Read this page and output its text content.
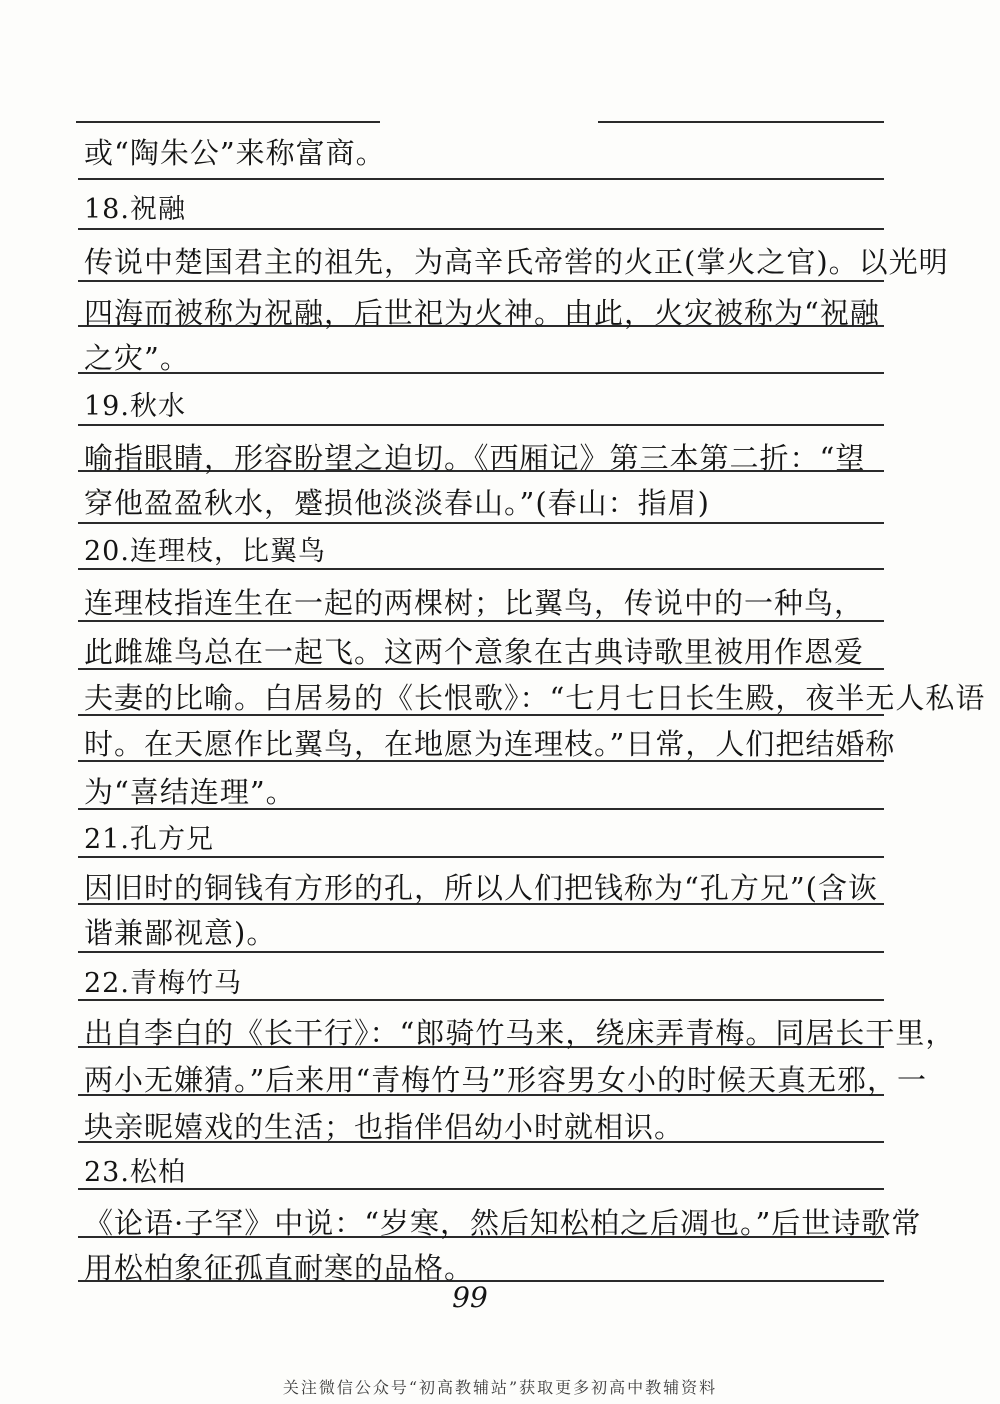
或“陶朱公”来称富商。
18.祝融
传说中楚国君主的祖先，为高辛氏帝喾的火正(掌火之官)。以光明
四海而被称为祝融，后世祀为火神。由此，火灾被称为“祝融
之灾”。
19.秋水
喻指眼睛，形容盼望之迫切。《西厢记》第三本第二折：“望
穿他盈盈秋水，蹙损他淡淡春山。”(春山：指眉)
20.连理枝，比翼鸟
连理枝指连生在一起的两棵树；比翼鸟，传说中的一种鸟，
此雌雄鸟总在一起飞。这两个意象在古典诗歌里被用作恩爱
夫妻的比喻。白居易的《长恨歌》：“七月七日长生殿，夜半无人私语
时。在天愿作比翼鸟，在地愿为连理枝。”日常，人们把结婚称
为“喜结连理”。
21.孔方兄
因旧时的铜钱有方形的孔，所以人们把钱称为“孔方兄”(含诙
谐兼鄙视意)。
22.青梅竹马
出自李白的《长干行》：“郎骑竹马来，绕床弄青梅。同居长干里，
两小无嫌猜。”后来用“青梅竹马”形容男女小的时候天真无邪，一
块亲昵嬉戏的生活；也指伴侣幼小时就相识。
23.松柏
《论语·子罕》中说：“岁寒，然后知松柏之后凋也。”后世诗歌常
用松柏象征孤直耐寒的品格。
99
关注微信公众号“初高教辅站”获取更多初高中教辅资料
